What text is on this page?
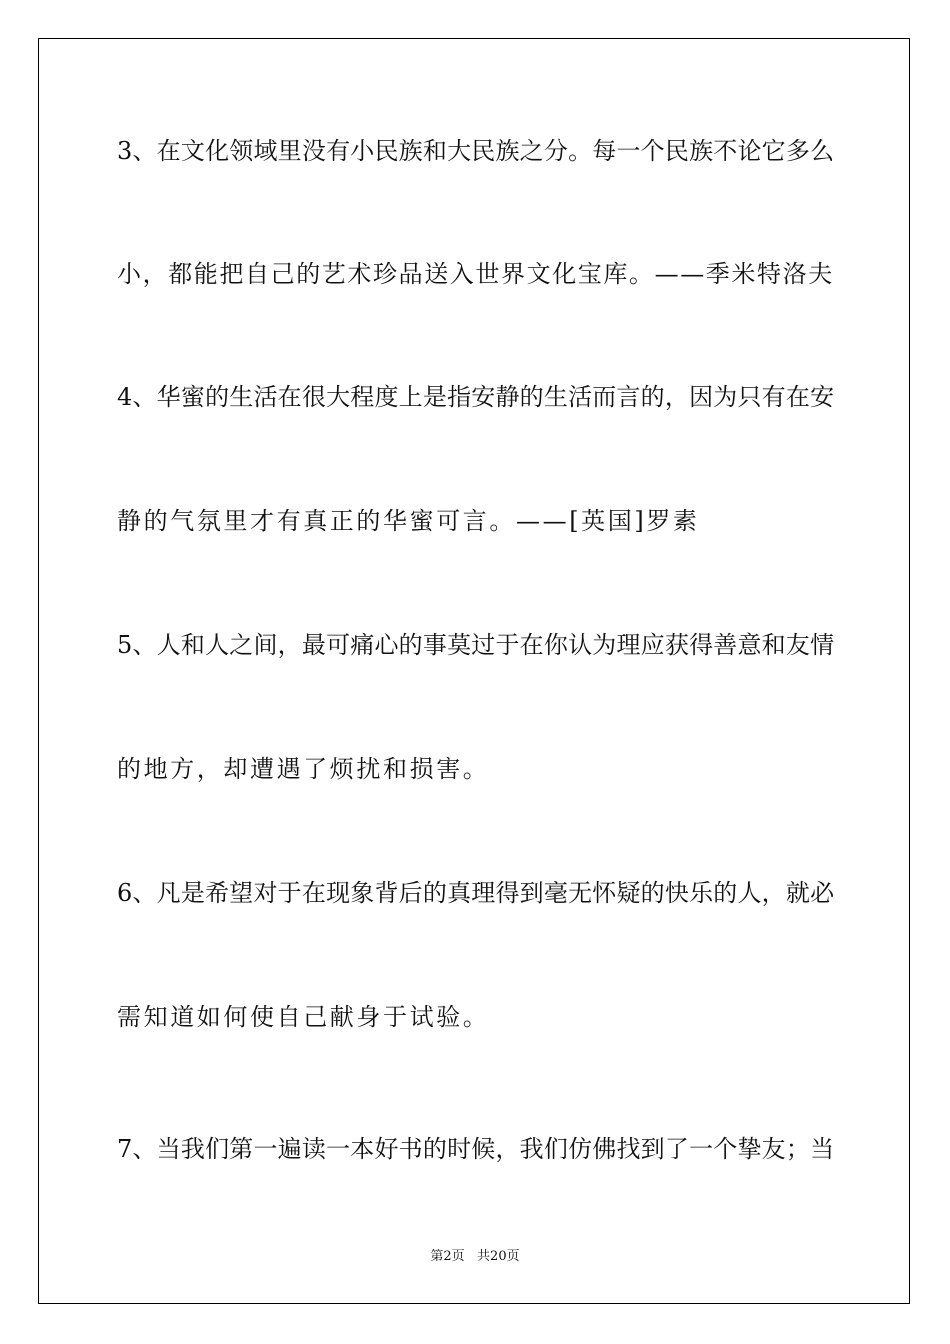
3、在文化领域里没有小民族和大民族之分。每一个民族不论它多么

小，都能把自己的艺术珍品送入世界文化宝库。——季米特洛夫

4、华蜜的生活在很大程度上是指安静的生活而言的，因为只有在安

静的气氛里才有真正的华蜜可言。——[英国]罗素

5、人和人之间，最可痛心的事莫过于在你认为理应获得善意和友情

的地方，却遭遇了烦扰和损害。

6、凡是希望对于在现象背后的真理得到毫无怀疑的快乐的人，就必

需知道如何使自己献身于试验。

7、当我们第一遍读一本好书的时候，我们仿佛找到了一个挚友；当

第2页   共20页
